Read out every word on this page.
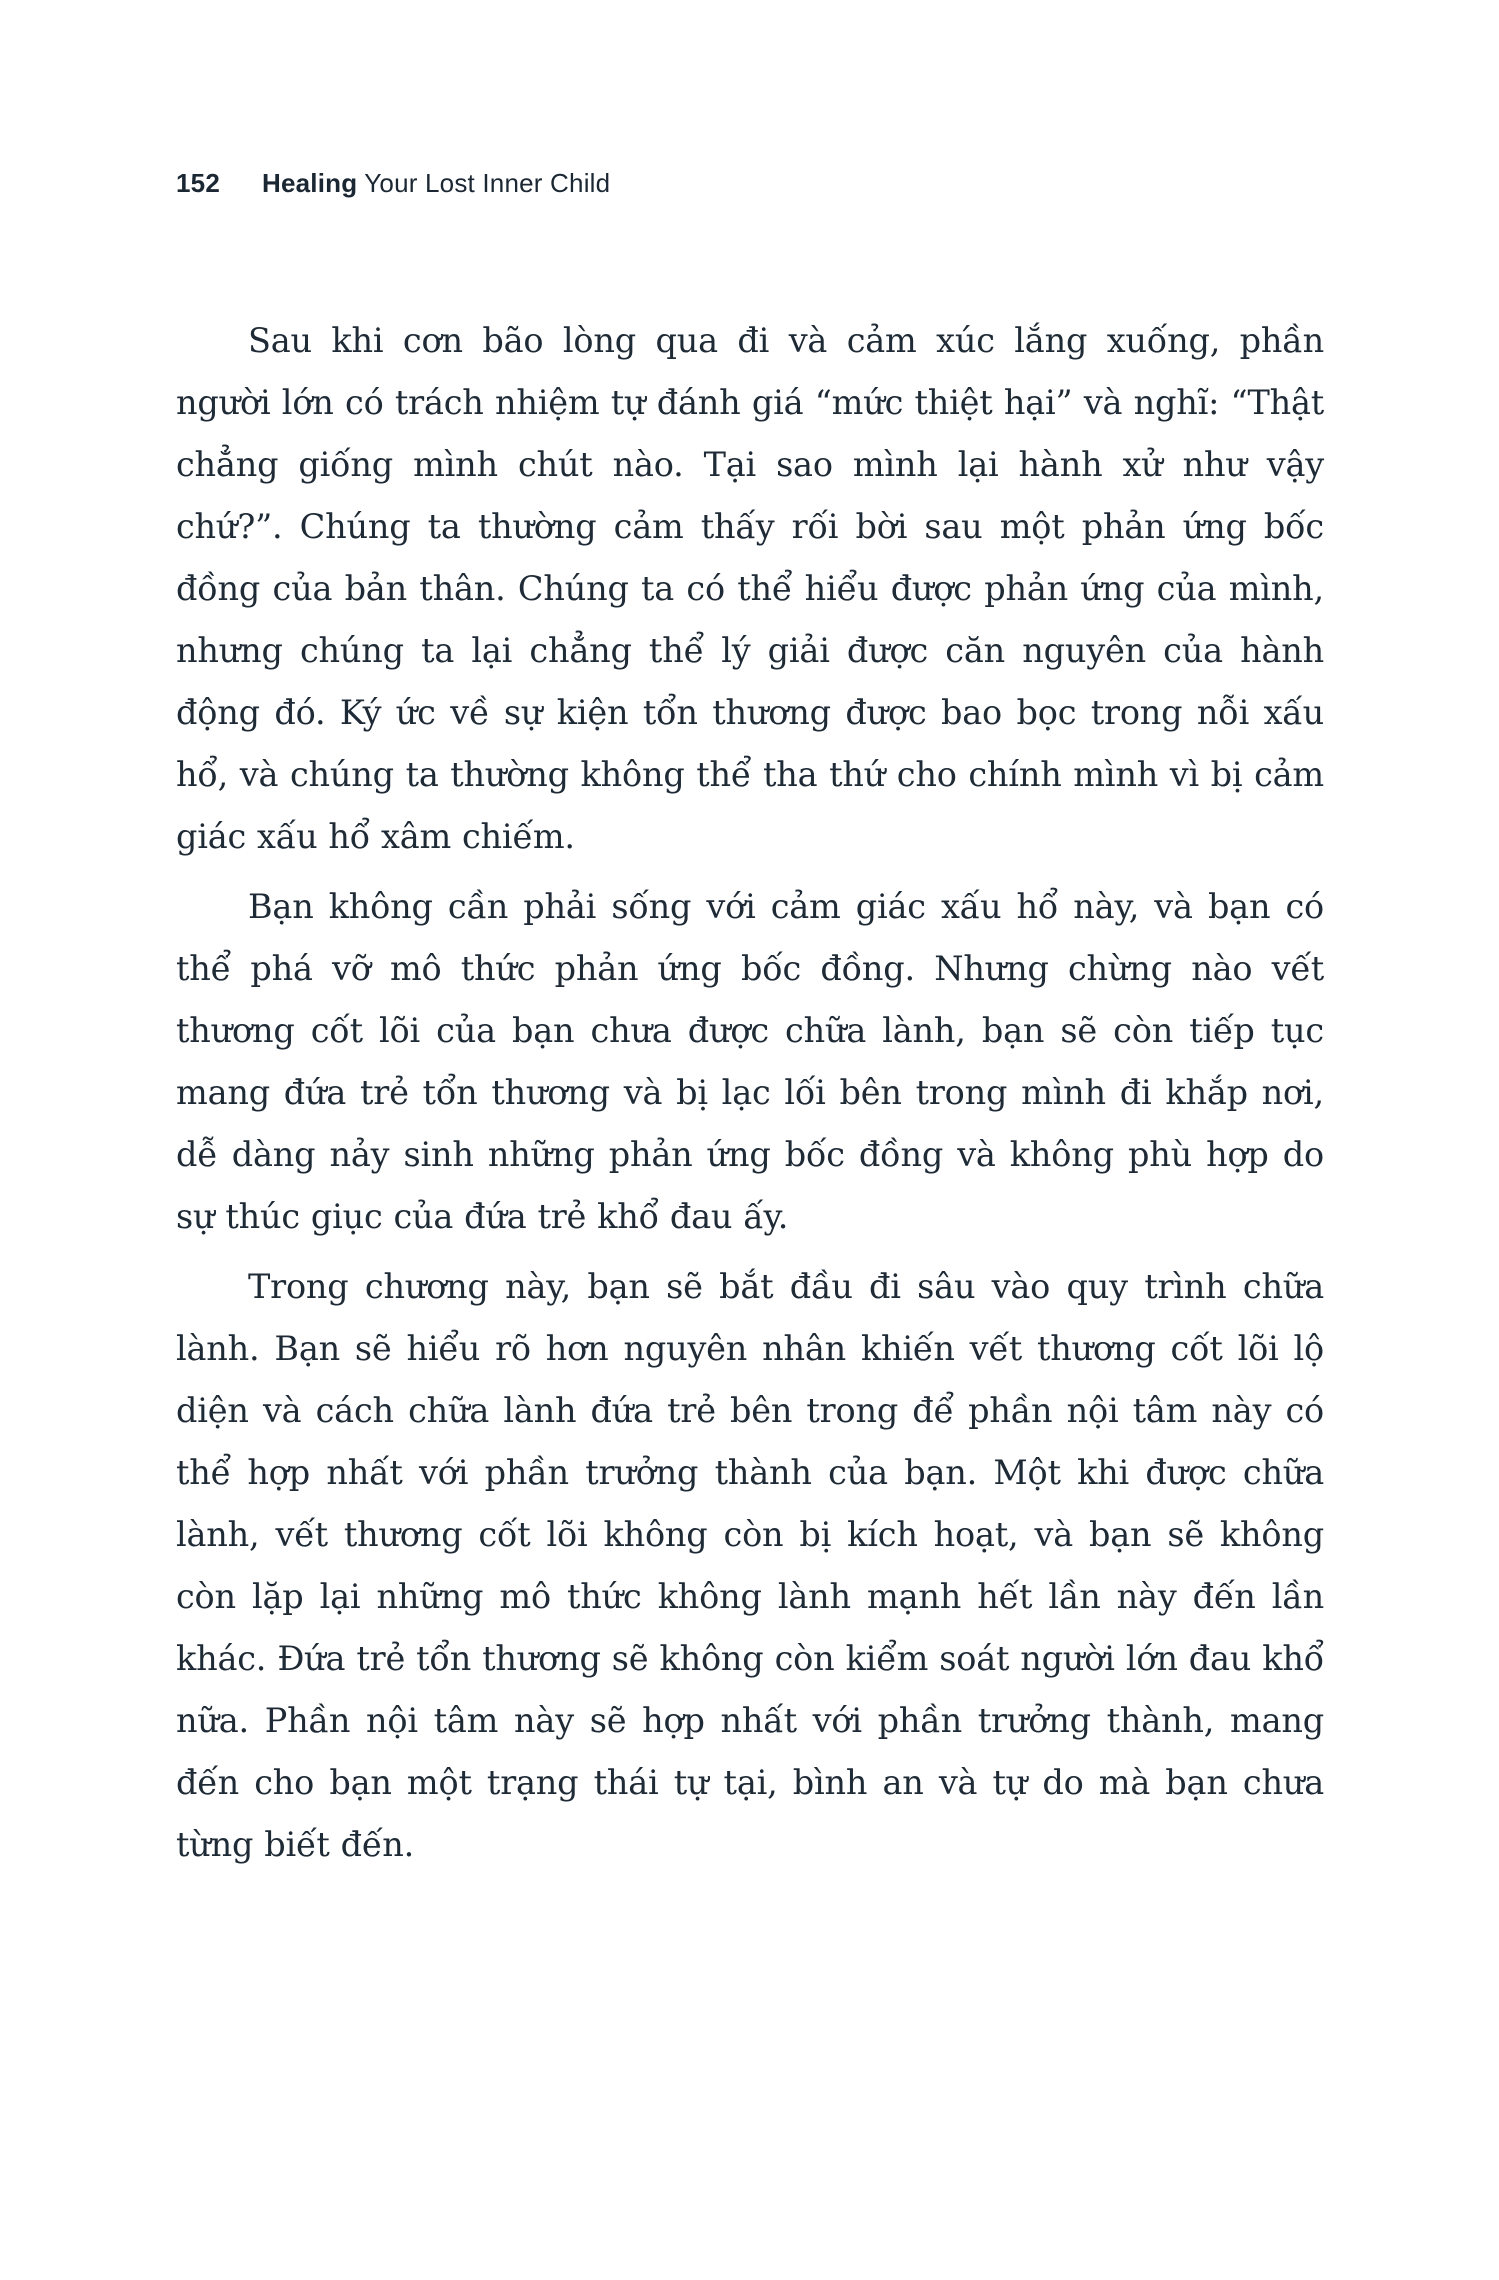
152 Healing Your Lost Inner Child

Sau khi cơn bão lòng qua đi và cảm xúc lắng xuống, phần người lớn có trách nhiệm tự đánh giá “mức thiệt hại” và nghĩ: “Thật chẳng giống mình chút nào. Tại sao mình lại hành xử như vậy chứ?”. Chúng ta thường cảm thấy rối bời sau một phản ứng bốc đồng của bản thân. Chúng ta có thể hiểu được phản ứng của mình, nhưng chúng ta lại chẳng thể lý giải được căn nguyên của hành động đó. Ký ức về sự kiện tổn thương được bao bọc trong nỗi xấu hổ, và chúng ta thường không thể tha thứ cho chính mình vì bị cảm giác xấu hổ xâm chiếm.

Bạn không cần phải sống với cảm giác xấu hổ này, và bạn có thể phá vỡ mô thức phản ứng bốc đồng. Nhưng chừng nào vết thương cốt lõi của bạn chưa được chữa lành, bạn sẽ còn tiếp tục mang đứa trẻ tổn thương và bị lạc lối bên trong mình đi khắp nơi, dễ dàng nảy sinh những phản ứng bốc đồng và không phù hợp do sự thúc giục của đứa trẻ khổ đau ấy.

Trong chương này, bạn sẽ bắt đầu đi sâu vào quy trình chữa lành. Bạn sẽ hiểu rõ hơn nguyên nhân khiến vết thương cốt lõi lộ diện và cách chữa lành đứa trẻ bên trong để phần nội tâm này có thể hợp nhất với phần trưởng thành của bạn. Một khi được chữa lành, vết thương cốt lõi không còn bị kích hoạt, và bạn sẽ không còn lặp lại những mô thức không lành mạnh hết lần này đến lần khác. Đứa trẻ tổn thương sẽ không còn kiểm soát người lớn đau khổ nữa. Phần nội tâm này sẽ hợp nhất với phần trưởng thành, mang đến cho bạn một trạng thái tự tại, bình an và tự do mà bạn chưa từng biết đến.
